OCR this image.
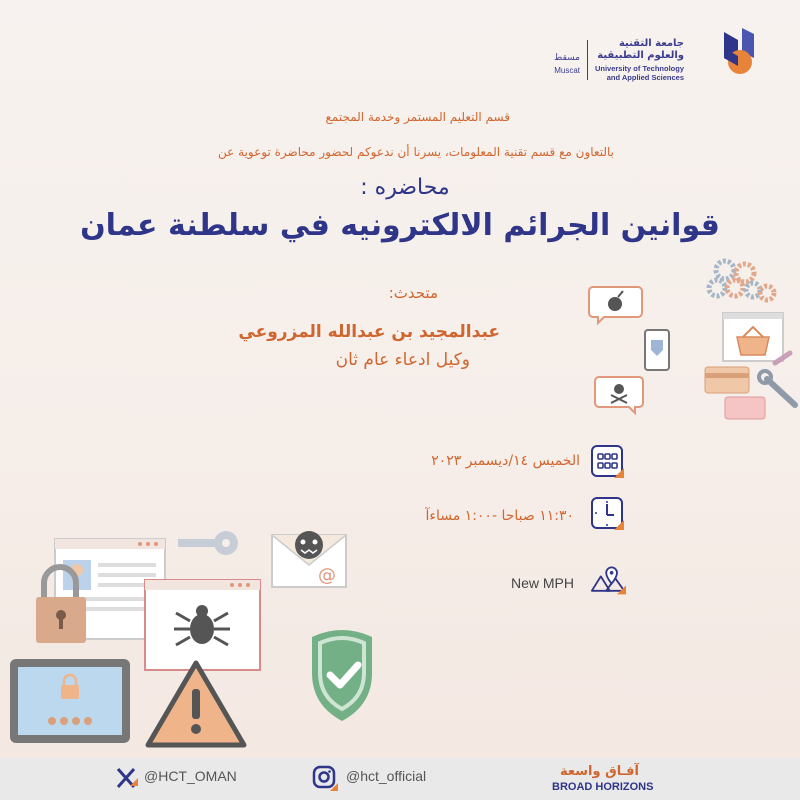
جامعة التقنية
والعلوم التطبيقية
University of Technology
and Applied Sciences
مسقط
Muscat
قسم التعليم المستمر وخدمة المجتمع
بالتعاون مع قسم تقنية المعلومات، يسرنا أن ندعوكم لحضور محاضرة توعوية عن
محاضره :
قوانين الجرائم الالكترونيه في سلطنة عمان
متحدث:
عبدالمجيد بن عبدالله المزروعي
وكيل ادعاء عام ثان
الخميس ١٤/ديسمبر ٢٠٢٣
١١:٣٠ صباحا -١:٠٠ مساءآ
New MPH
@
@HCT_OMAN	@hct_official	آفـاق واسعة
BROAD HORIZONS
